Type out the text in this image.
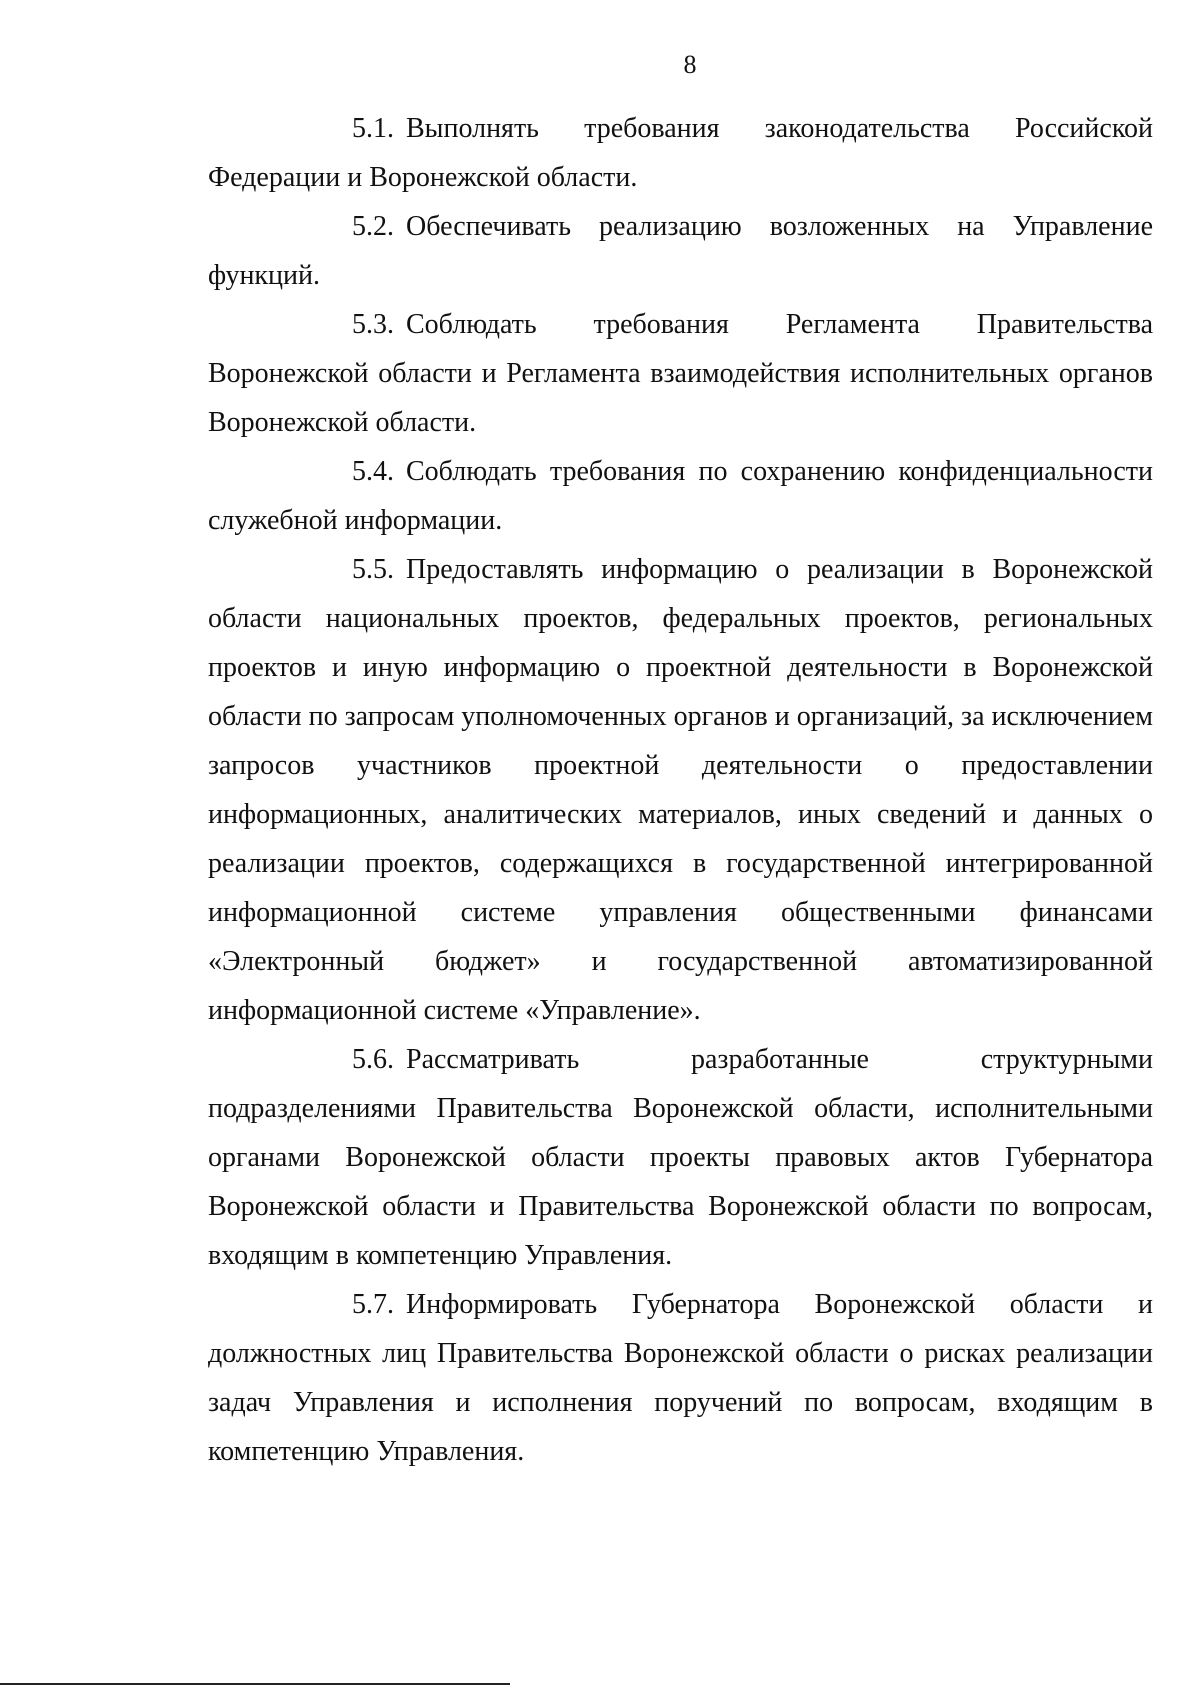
8

5.1. Выполнять требования законодательства Российской Федерации и Воронежской области.

5.2. Обеспечивать реализацию возложенных на Управление функций.

5.3. Соблюдать требования Регламента Правительства Воронежской области и Регламента взаимодействия исполнительных органов Воронежской области.

5.4. Соблюдать требования по сохранению конфиденциальности служебной информации.

5.5. Предоставлять информацию о реализации в Воронежской области национальных проектов, федеральных проектов, региональных проектов и иную информацию о проектной деятельности в Воронежской области по запросам уполномоченных органов и организаций, за исключением запросов участников проектной деятельности о предоставлении информационных, аналитических материалов, иных сведений и данных о реализации проектов, содержащихся в государственной интегрированной информационной системе управления общественными финансами «Электронный бюджет» и государственной автоматизированной информационной системе «Управление».

5.6. Рассматривать разработанные структурными подразделениями Правительства Воронежской области, исполнительными органами Воронежской области проекты правовых актов Губернатора Воронежской области и Правительства Воронежской области по вопросам, входящим в компетенцию Управления.

5.7. Информировать Губернатора Воронежской области и должностных лиц Правительства Воронежской области о рисках реализации задач Управления и исполнения поручений по вопросам, входящим в компетенцию Управления.
